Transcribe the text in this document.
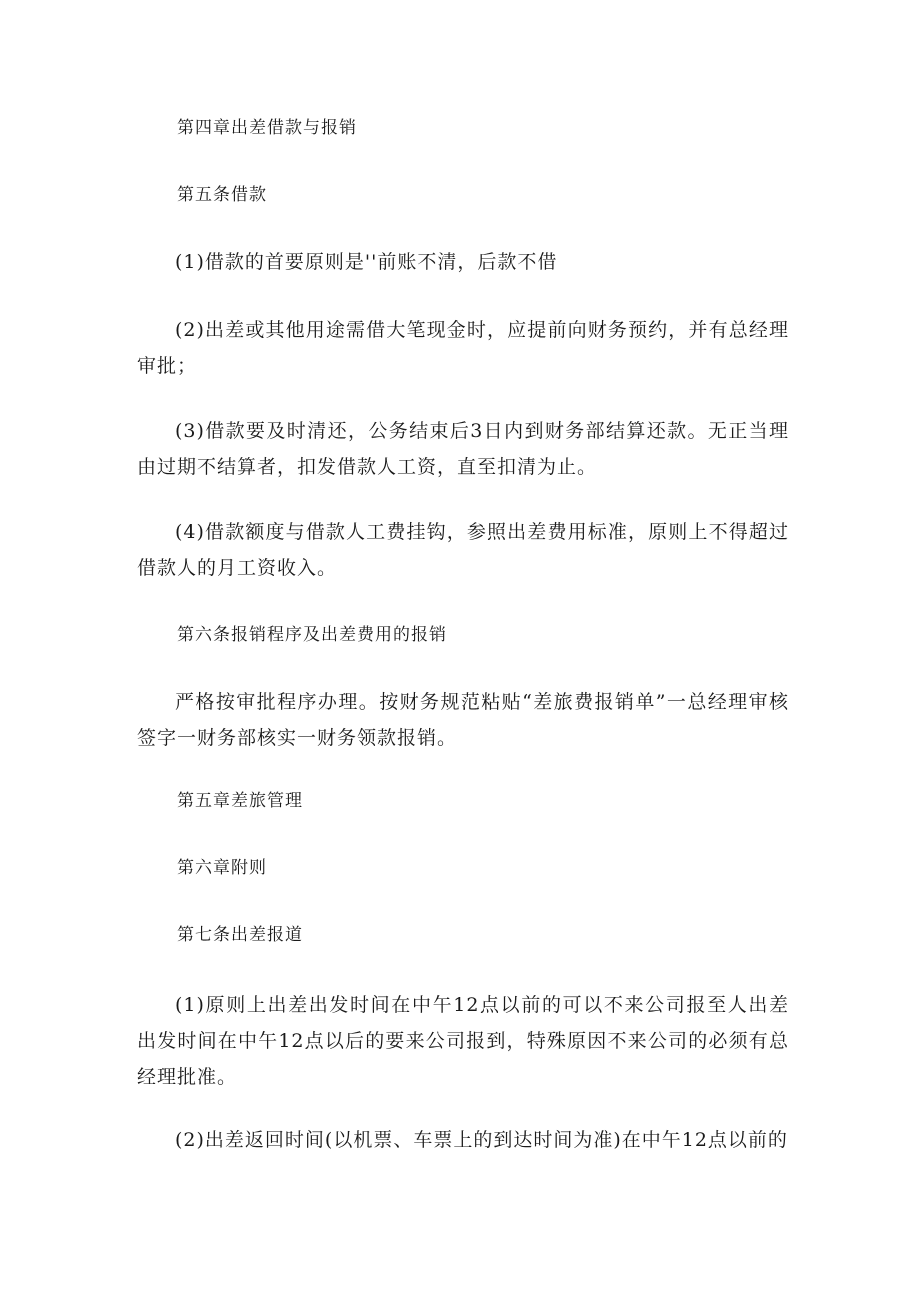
第四章出差借款与报销

第五条借款

(1)借款的首要原则是''前账不清，后款不借

(2)出差或其他用途需借大笔现金时，应提前向财务预约，并有总经理审批；

(3)借款要及时清还，公务结束后3日内到财务部结算还款。无正当理由过期不结算者，扣发借款人工资，直至扣清为止。

(4)借款额度与借款人工费挂钩，参照出差费用标准，原则上不得超过借款人的月工资收入。

第六条报销程序及出差费用的报销

严格按审批程序办理。按财务规范粘贴“差旅费报销单”一总经理审核签字一财务部核实一财务领款报销。

第五章差旅管理

第六章附则

第七条出差报道

(1)原则上出差出发时间在中午12点以前的可以不来公司报至人出差出发时间在中午12点以后的要来公司报到，特殊原因不来公司的必须有总经理批准。

(2)出差返回时间(以机票、车票上的到达时间为准)在中午12点以前的
